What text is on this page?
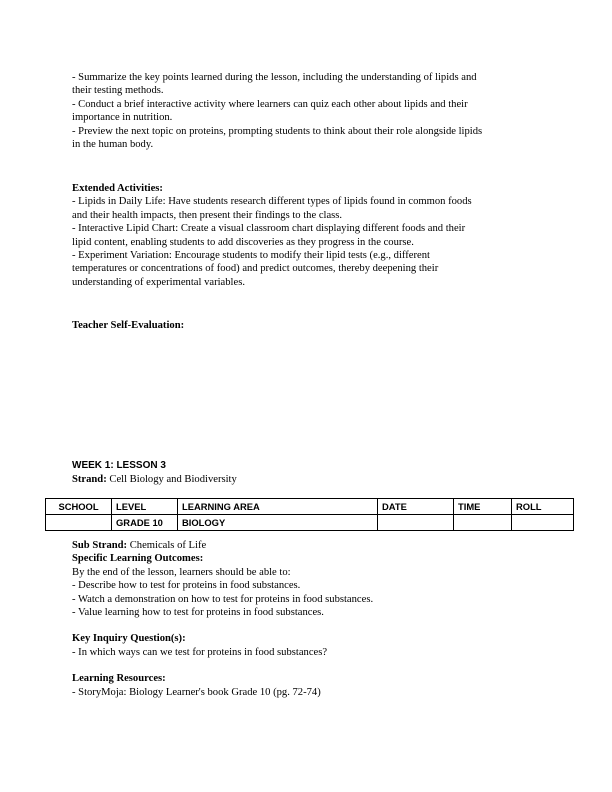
- Summarize the key points learned during the lesson, including the understanding of lipids and
their testing methods.
- Conduct a brief interactive activity where learners can quiz each other about lipids and their
importance in nutrition.
- Preview the next topic on proteins, prompting students to think about their role alongside lipids
in the human body.
Extended Activities:
- Lipids in Daily Life: Have students research different types of lipids found in common foods
and their health impacts, then present their findings to the class.
- Interactive Lipid Chart: Create a visual classroom chart displaying different foods and their
lipid content, enabling students to add discoveries as they progress in the course.
- Experiment Variation: Encourage students to modify their lipid tests (e.g., different
temperatures or concentrations of food) and predict outcomes, thereby deepening their
understanding of experimental variables.
Teacher Self-Evaluation:
WEEK 1: LESSON 3
Strand: Cell Biology and Biodiversity
SCHOOL	LEVEL	LEARNING AREA	DATE	TIME	ROLL
	GRADE 10	BIOLOGY			
Sub Strand: Chemicals of Life
Specific Learning Outcomes:
By the end of the lesson, learners should be able to:
- Describe how to test for proteins in food substances.
- Watch a demonstration on how to test for proteins in food substances.
- Value learning how to test for proteins in food substances.
Key Inquiry Question(s):
- In which ways can we test for proteins in food substances?
Learning Resources:
- StoryMoja: Biology Learner's book Grade 10 (pg. 72-74)
